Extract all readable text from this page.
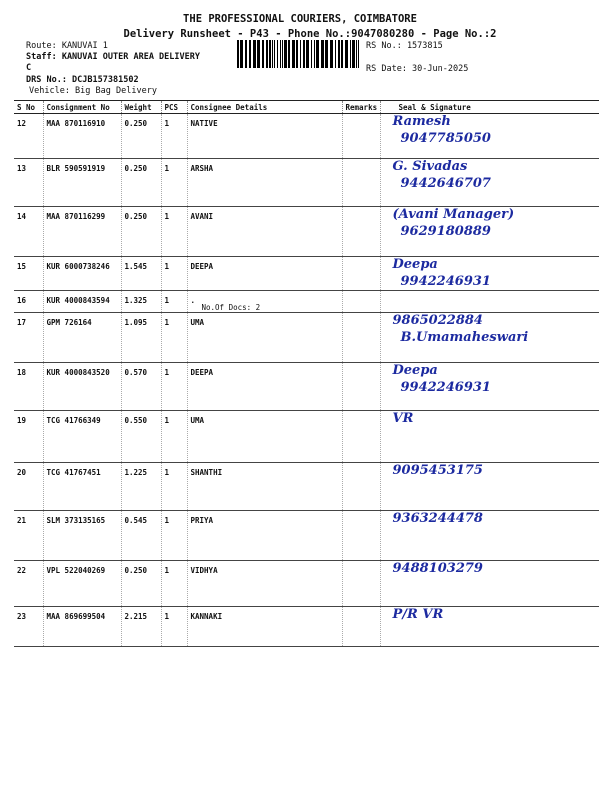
THE PROFESSIONAL COURIERS, COIMBATORE
Delivery Runsheet - P43 - Phone No.:9047080280 - Page No.:2
Route: KANUVAI 1
Staff: KANUVAI OUTER AREA DELIVERY
C
DRS No.: DCJB157381502
Vehicle: Big Bag Delivery
RS No.: 1573815
RS Date: 30-Jun-2025
S No	Consignment No	Weight	PCS	Consignee Details	Remarks	Seal & Signature
12	MAA 870116910	0.250	1	NATIVE		Ramesh
9047785050

13	BLR 590591919	0.250	1	ARSHA		G. Sivadas
9442646707

14	MAA 870116299	0.250	1	AVANI		(Avani Manager)
9629180889

15	KUR 6000738246	1.545	1	DEEPA		Deepa
9942246931

16	KUR 4000843594	1.325	1	.
No.Of Docs: 2		

17	GPM 726164	1.095	1	UMA		9865022884
B.Umamaheswari

18	KUR 4000843520	0.570	1	DEEPA		Deepa
9942246931

19	TCG 41766349	0.550	1	UMA		VR

20	TCG 41767451	1.225	1	SHANTHI		9095453175

21	SLM 373135165	0.545	1	PRIYA		9363244478

22	VPL 522040269	0.250	1	VIDHYA		9488103279

23	MAA 869699504	2.215	1	KANNAKI		P/R VR
